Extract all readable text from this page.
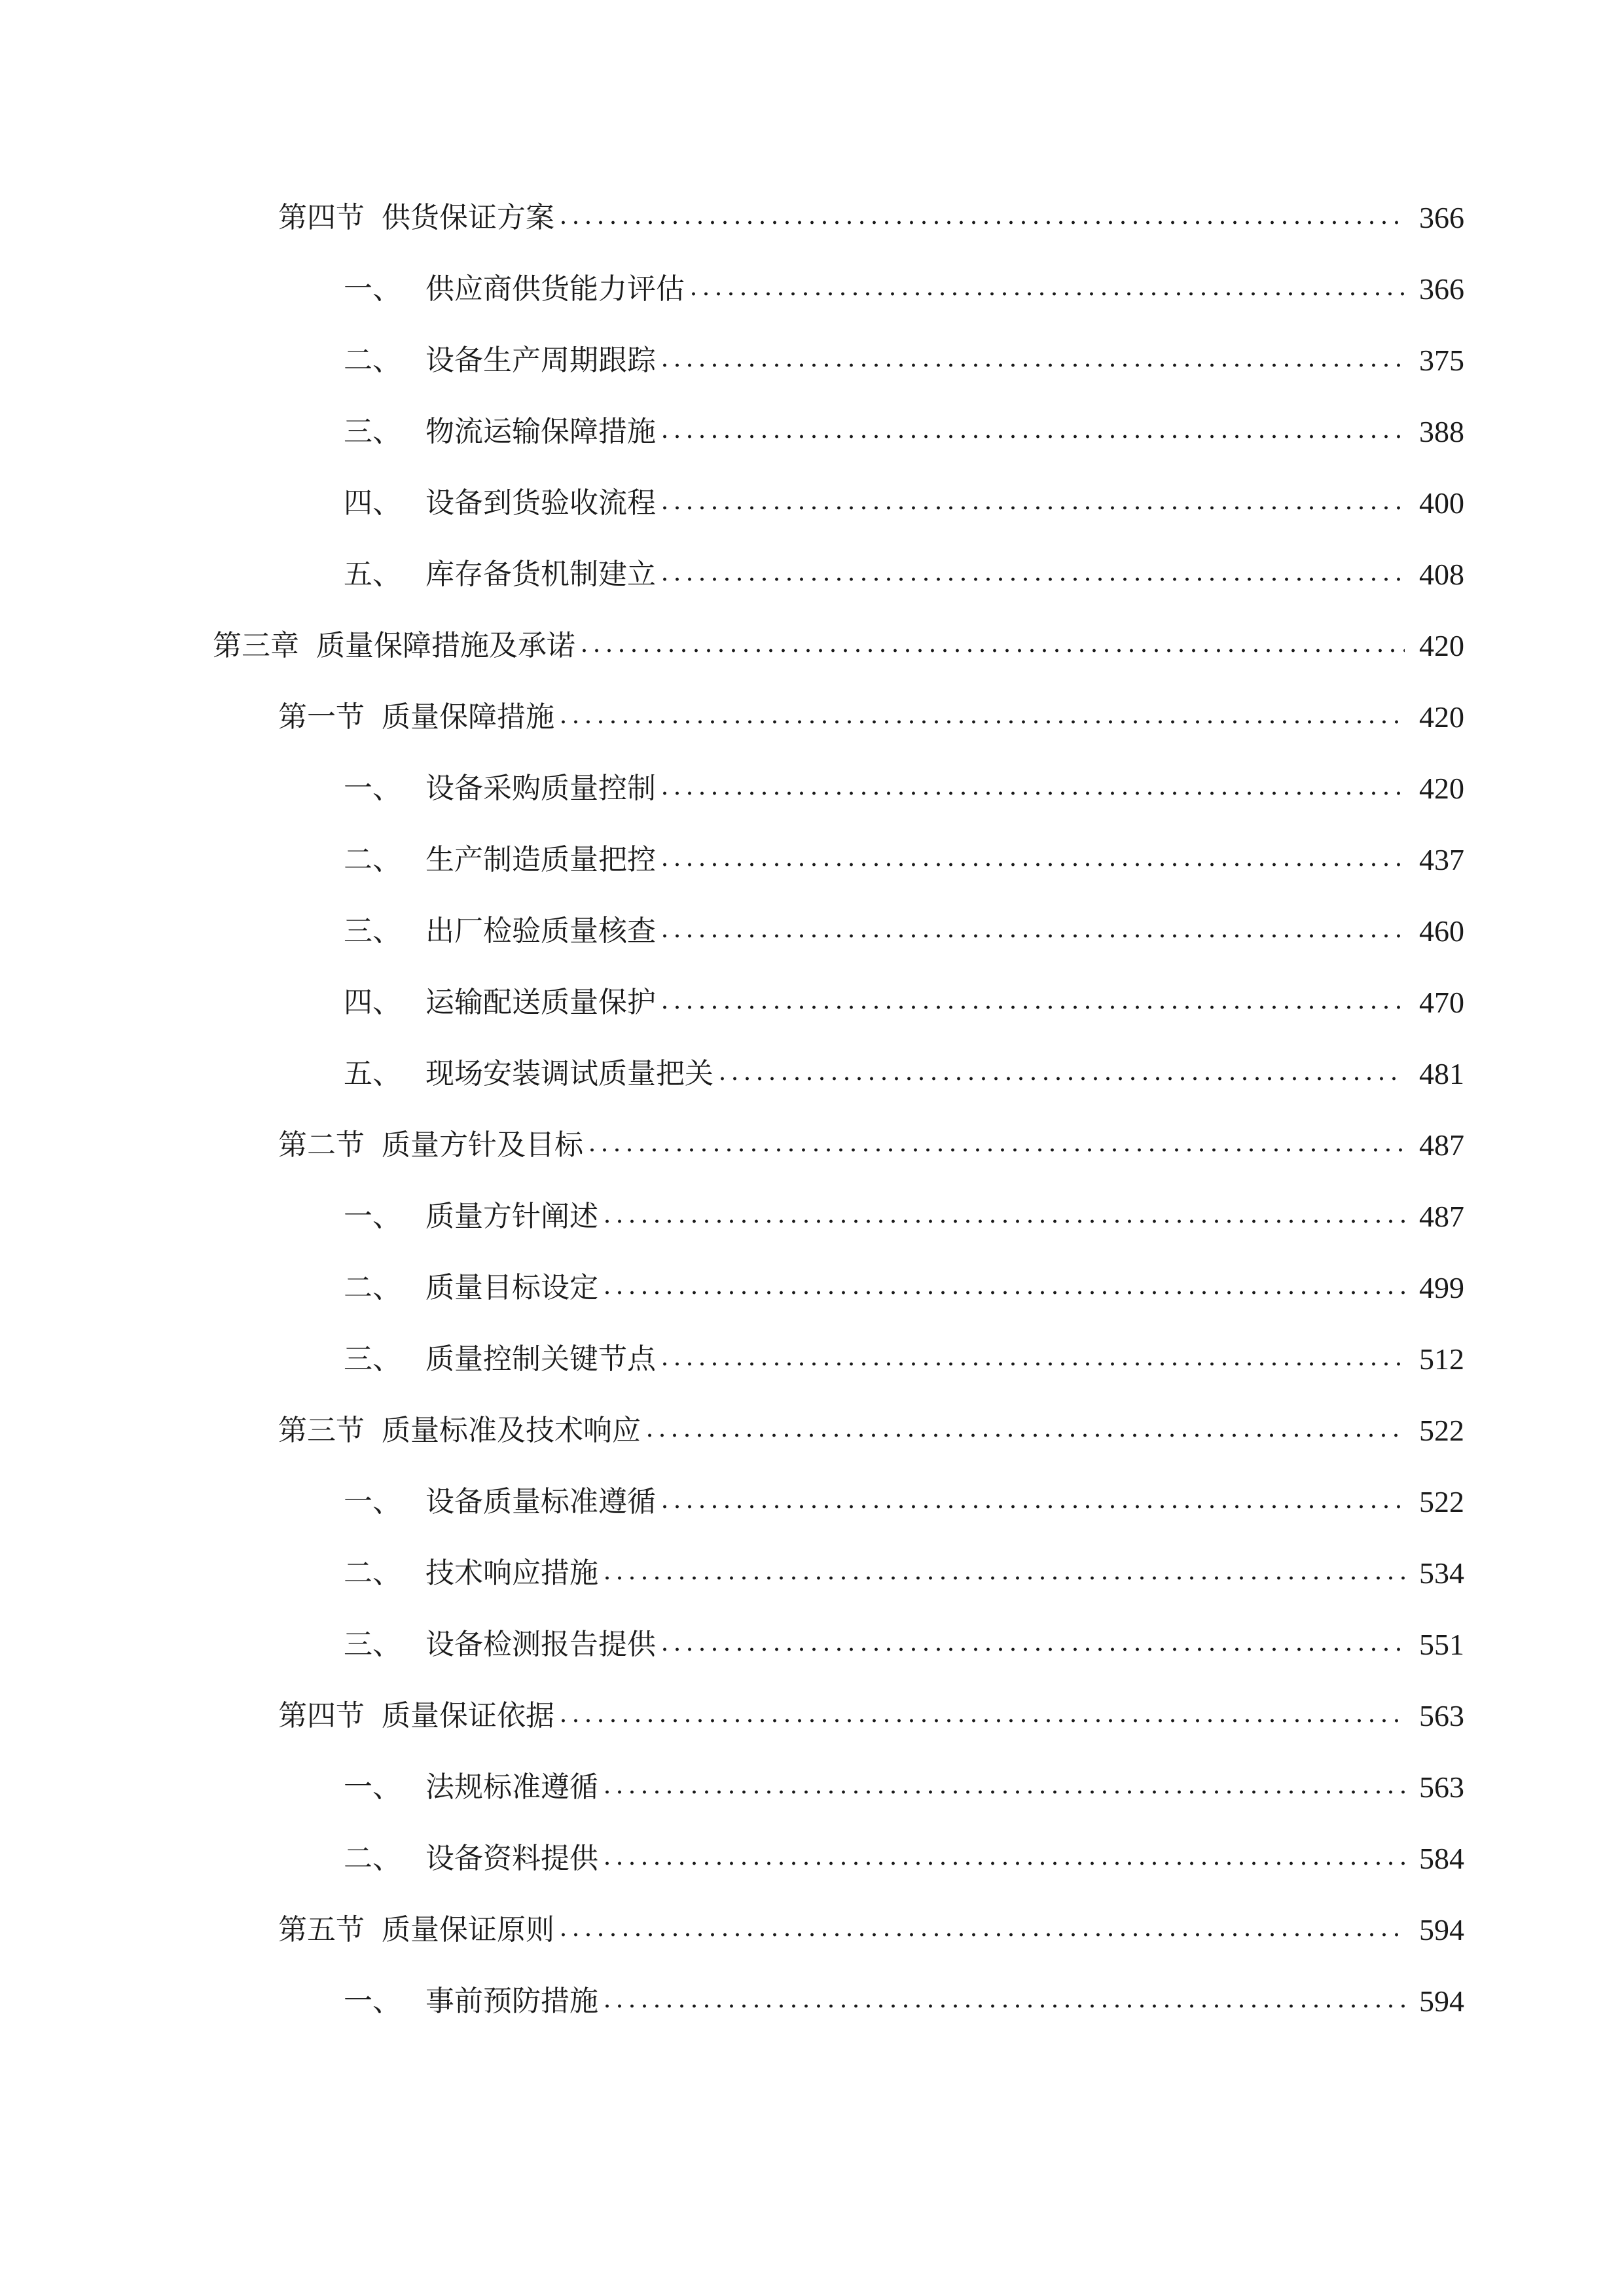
第四节 供货保证方案	366
一、 供应商供货能力评估	366
二、 设备生产周期跟踪	375
三、 物流运输保障措施	388
四、 设备到货验收流程	400
五、 库存备货机制建立	408
第三章 质量保障措施及承诺	420
第一节 质量保障措施	420
一、 设备采购质量控制	420
二、 生产制造质量把控	437
三、 出厂检验质量核查	460
四、 运输配送质量保护	470
五、 现场安装调试质量把关	481
第二节 质量方针及目标	487
一、 质量方针阐述	487
二、 质量目标设定	499
三、 质量控制关键节点	512
第三节 质量标准及技术响应	522
一、 设备质量标准遵循	522
二、 技术响应措施	534
三、 设备检测报告提供	551
第四节 质量保证依据	563
一、 法规标准遵循	563
二、 设备资料提供	584
第五节 质量保证原则	594
一、 事前预防措施	594
